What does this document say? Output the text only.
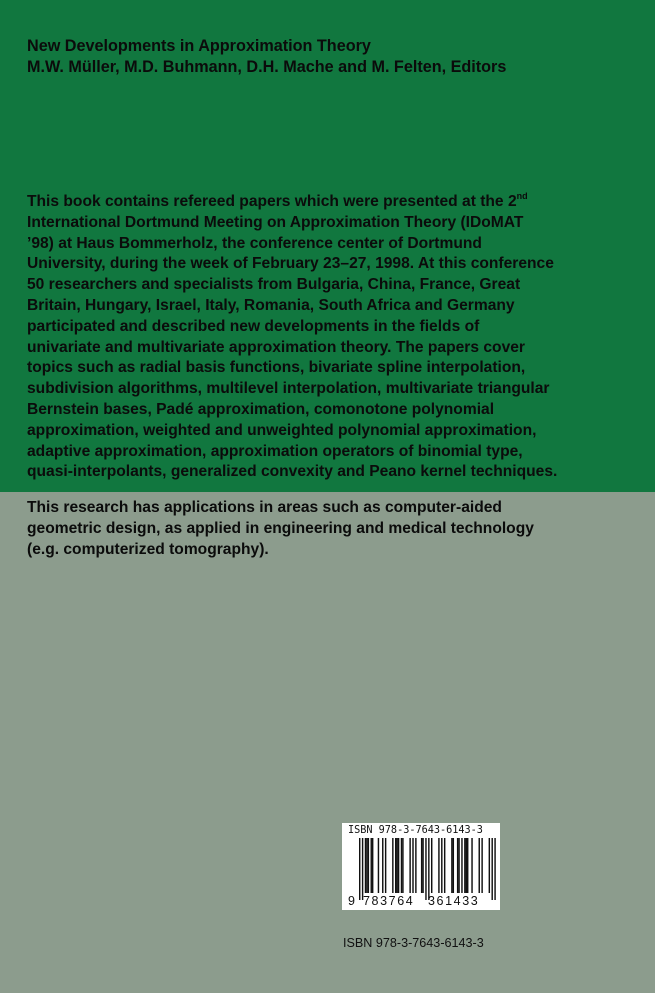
New Developments in Approximation Theory
M.W. Müller, M.D. Buhmann, D.H. Mache and M. Felten, Editors
This book contains refereed papers which were presented at the 2nd
International Dortmund Meeting on Approximation Theory (IDoMAT
’98) at Haus Bommerholz, the conference center of Dortmund
University, during the week of February 23–27, 1998. At this conference
50 researchers and specialists from Bulgaria, China, France, Great
Britain, Hungary, Israel, Italy, Romania, South Africa and Germany
participated and described new developments in the fields of
univariate and multivariate approximation theory. The papers cover
topics such as radial basis functions, bivariate spline interpolation,
subdivision algorithms, multilevel interpolation, multivariate triangular
Bernstein bases, Padé approximation, comonotone polynomial
approximation, weighted and unweighted polynomial approximation,
adaptive approximation, approximation operators of binomial type,
quasi-interpolants, generalized convexity and Peano kernel techniques.
This research has applications in areas such as computer-aided
geometric design, as applied in engineering and medical technology
(e.g. computerized tomography).
ISBN 978-3-7643-6143-3
9 783764 361433
ISBN 978-3-7643-6143-3
